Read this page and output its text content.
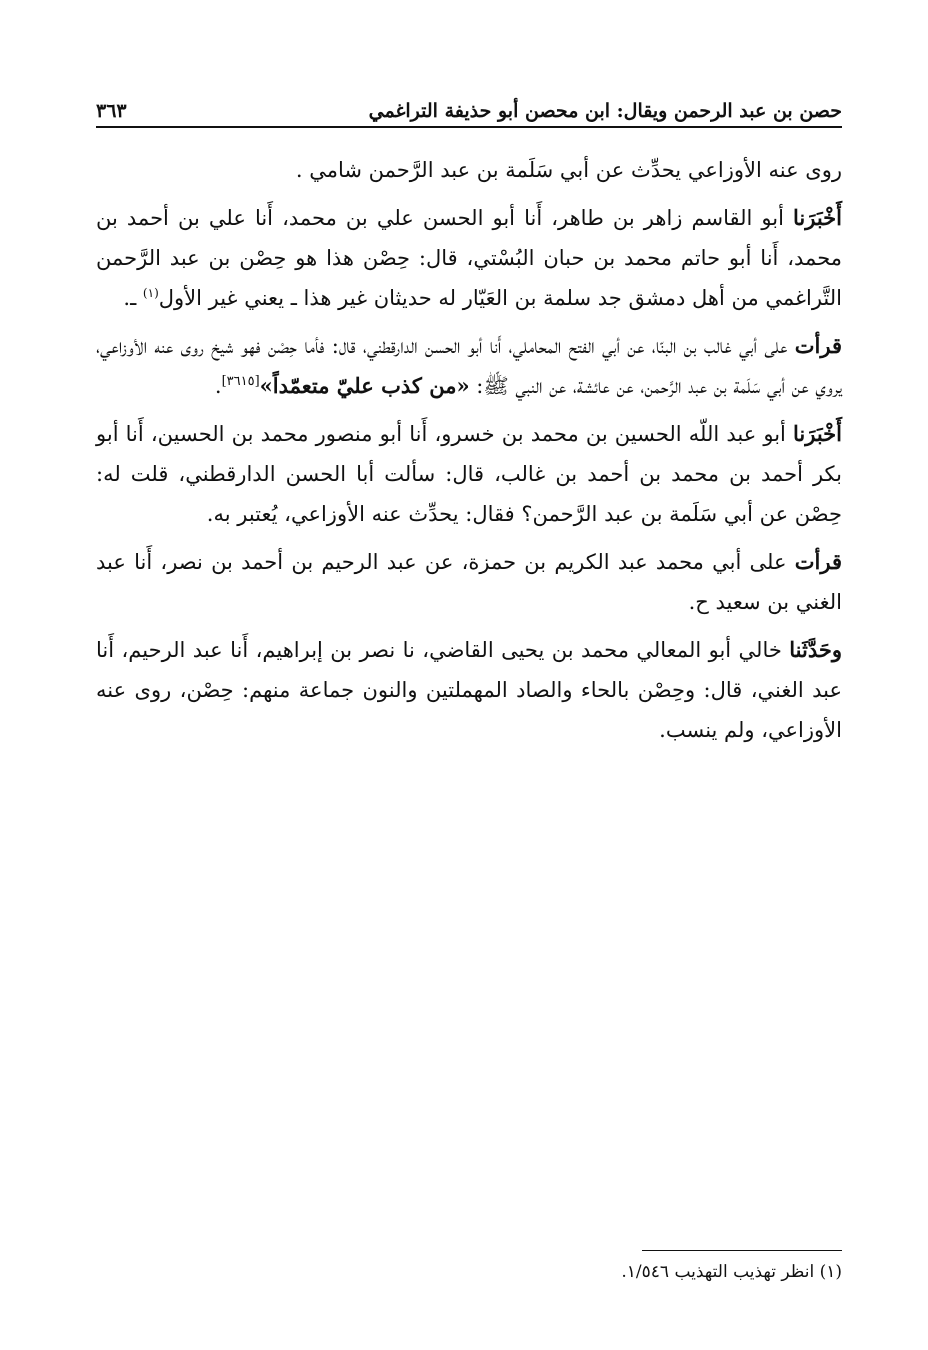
حصن بن عبد الرحمن ويقال: ابن محصن أبو حذيفة التراغمي
٣٦٣

روى عنه الأوزاعي يحدِّث عن أبي سَلَمة بن عبد الرَّحمن شامي .

أَخْبَرَنا أبو القاسم زاهر بن طاهر، أَنا أبو الحسن علي بن محمد، أَنا علي بن أحمد بن محمد، أَنا أبو حاتم محمد بن حبان البُسْتي، قال: حِصْن هذا هو حِصْن بن عبد الرَّحمن التَّراغمي من أهل دمشق جد سلمة بن العَيّار له حديثان غير هذا ـ يعني غير الأول$^{(١)}$ ـ.

قرأت على أبي غالب بن البنّا، عن أبي الفتح المحاملي، أَنا أبو الحسن الدارقطني، قال: فأما حِصْن فهو شيخ روى عنه الأوزاعي، يروي عن أبي سَلَمة بن عبد الرَّحمن، عن عائشة، عن النبي ﷺ: «من كذب عليّ متعمّداً»[٣٦١٥].

أَخْبَرَنا أبو عبد اللّه الحسين بن محمد بن خسرو، أَنا أبو منصور محمد بن الحسين، أَنا أبو بكر أحمد بن محمد بن أحمد بن غالب، قال: سألت أبا الحسن الدارقطني، قلت له: حِصْن عن أبي سَلَمة بن عبد الرَّحمن؟ فقال: يحدِّث عنه الأوزاعي، يُعتبر به.

قرأت على أبي محمد عبد الكريم بن حمزة، عن عبد الرحيم بن أحمد بن نصر، أَنا عبد الغني بن سعيد ح.

وحَدَّثَنا خالي أبو المعالي محمد بن يحيى القاضي، نا نصر بن إبراهيم، أَنا عبد الرحيم، أَنا عبد الغني، قال: وحِصْن بالحاء والصاد المهملتين والنون جماعة منهم: حِصْن، روى عنه الأوزاعي، ولم ينسب.

(١) انظر تهذيب التهذيب ١/٥٤٦.
